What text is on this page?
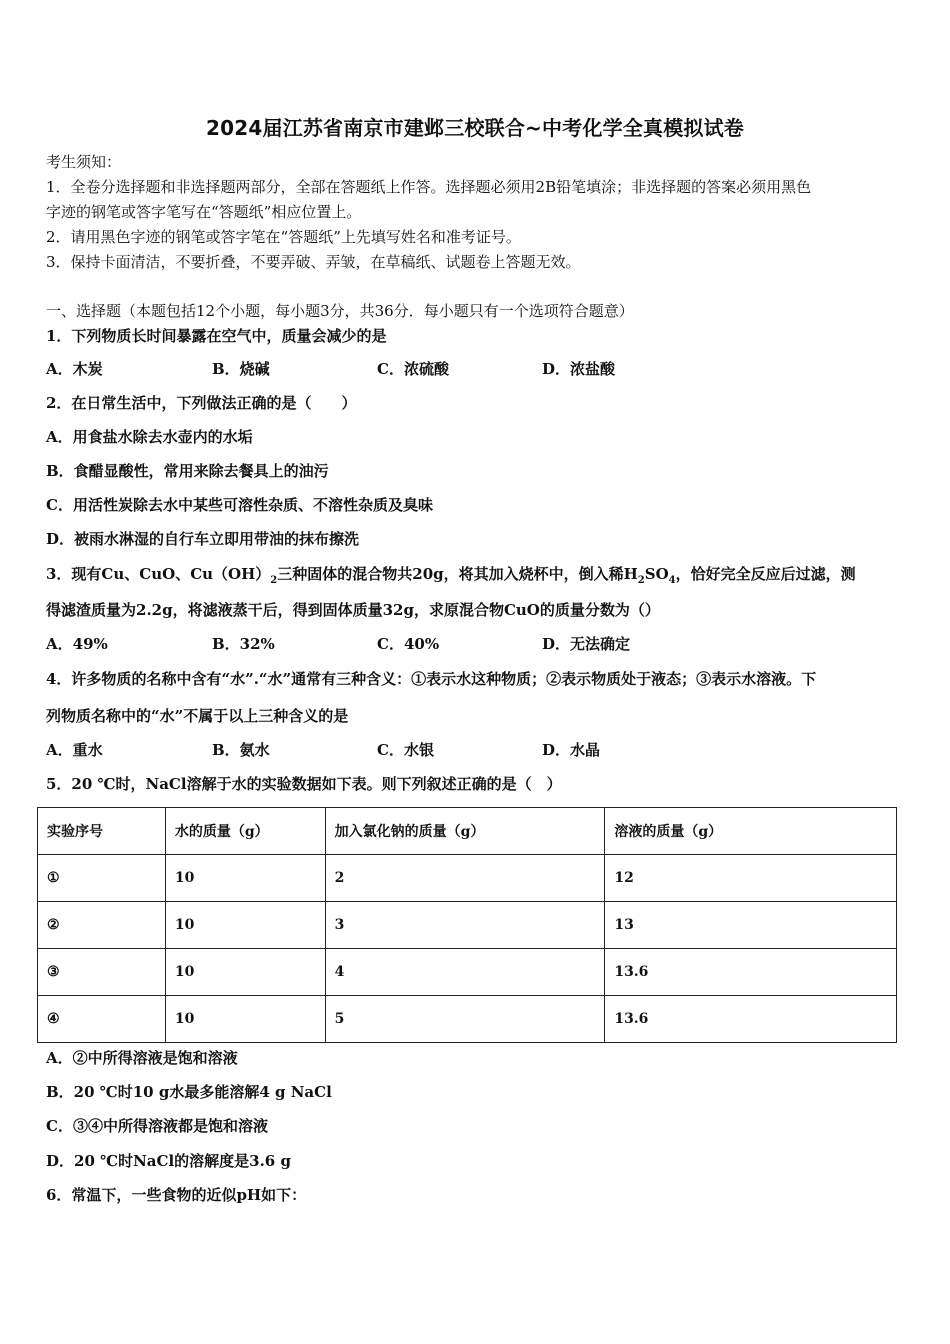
2024届江苏省南京市建邺三校联合~中考化学全真模拟试卷
考生须知：
1．全卷分选择题和非选择题两部分，全部在答题纸上作答。选择题必须用2B铅笔填涂；非选择题的答案必须用黑色
字迹的钢笔或答字笔写在“答题纸”相应位置上。
2．请用黑色字迹的钢笔或答字笔在“答题纸”上先填写姓名和准考证号。
3．保持卡面清洁，不要折叠，不要弄破、弄皱，在草稿纸、试题卷上答题无效。
一、选择题（本题包括12个小题，每小题3分，共36分．每小题只有一个选项符合题意）
1．下列物质长时间暴露在空气中，质量会减少的是
A．木炭	B．烧碱	C．浓硫酸	D．浓盐酸
2．在日常生活中，下列做法正确的是（　　）
A．用食盐水除去水壶内的水垢
B．食醋显酸性，常用来除去餐具上的油污
C．用活性炭除去水中某些可溶性杂质、不溶性杂质及臭味
D．被雨水淋湿的自行车立即用带油的抹布擦洗
3．现有Cu、CuO、$Cu(OH)_2$三种固体的混合物共20g，将其加入烧杯中，倒入稀$H_2SO_4$，恰好完全反应后过滤，测
得滤渣质量为2.2g，将滤液蒸干后，得到固体质量32g，求原混合物CuO的质量分数为（）
A．49%	B．32%	C．40%	D．无法确定
4．许多物质的名称中含有“水”.“水”通常有三种含义：①表示水这种物质；②表示物质处于液态；③表示水溶液。下
列物质名称中的“水”不属于以上三种含义的是
A．重水	B．氨水	C．水银	D．水晶
5．20 ℃时，NaCl溶解于水的实验数据如下表。则下列叙述正确的是（　）
实验序号	水的质量（g）	加入氯化钠的质量（g）	溶液的质量（g）
①	10	2	12
②	10	3	13
③	10	4	13.6
④	10	5	13.6
A．②中所得溶液是饱和溶液
B．20 ℃时10 g水最多能溶解4 g NaCl
C．③④中所得溶液都是饱和溶液
D．20 ℃时NaCl的溶解度是3.6 g
6．常温下，一些食物的近似pH如下：
